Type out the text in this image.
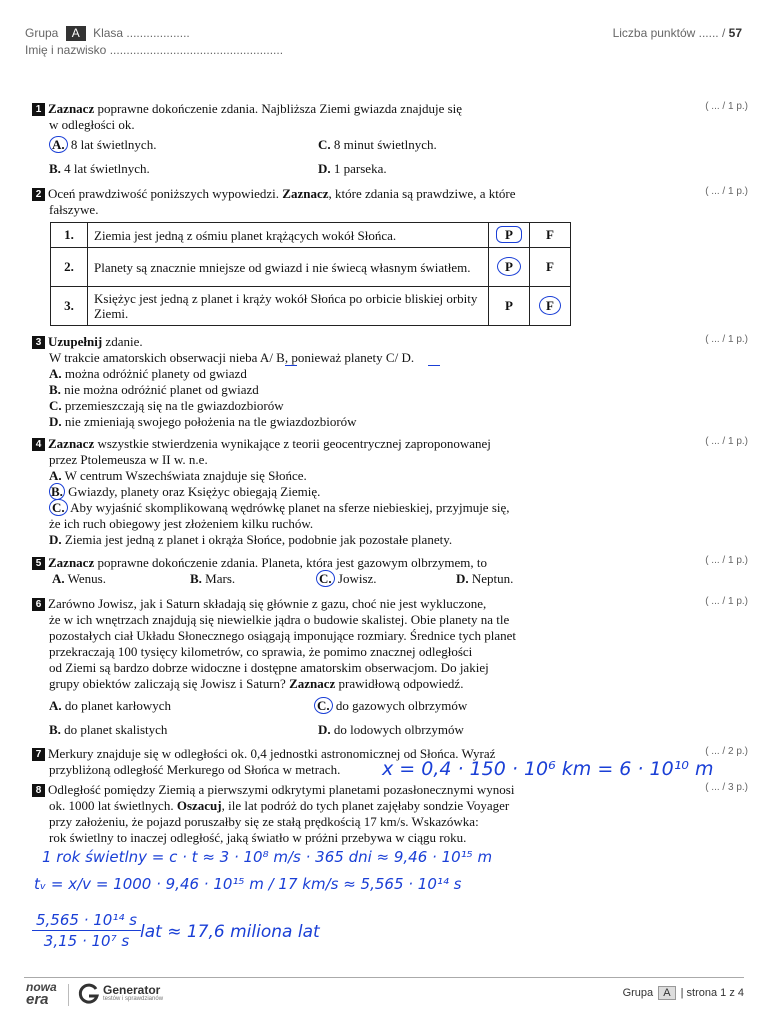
Grupa A Klasa ...................
Imię i nazwisko ....................................................
Liczba punktów ...... / 57
1 Zaznacz poprawne dokończenie zdania. Najbliższa Ziemi gwiazda znajduje się
w odległości ok.
( ... / 1 p.)
A. 8 lat świetlnych.	C. 8 minut świetlnych.
B. 4 lat świetlnych.	D. 1 parseka.
2 Oceń prawdziwość poniższych wypowiedzi. Zaznacz, które zdania są prawdziwe, a które
fałszywe.
( ... / 1 p.)
1.	Ziemia jest jedną z ośmiu planet krążących wokół Słońca.	P	F
2.	Planety są znacznie mniejsze od gwiazd i nie świecą własnym światłem.	P	F
3.	Księżyc jest jedną z planet i krąży wokół Słońca po orbicie bliskiej orbity Ziemi.	P	F
3 Uzupełnij zdanie.

W trakcie amatorskich obserwacji nieba A/ B, ponieważ planety C/ D.
A. można odróżnić planety od gwiazd
B. nie można odróżnić planet od gwiazd
C. przemieszczają się na tle gwiazdozbiorów
D. nie zmieniają swojego położenia na tle gwiazdozbiorów
( ... / 1 p.)
4 Zaznacz wszystkie stwierdzenia wynikające z teorii geocentrycznej zaproponowanej

przez Ptolemeusza w II w. n.e.
A. W centrum Wszechświata znajduje się Słońce.
B. Gwiazdy, planety oraz Księżyc obiegają Ziemię.
C. Aby wyjaśnić skomplikowaną wędrówkę planet na sferze niebieskiej, przyjmuje się,
że ich ruch obiegowy jest złożeniem kilku ruchów.
D. Ziemia jest jedną z planet i okrąża Słońce, podobnie jak pozostałe planety.
( ... / 1 p.)
5 Zaznacz poprawne dokończenie zdania. Planeta, która jest gazowym olbrzymem, to	( ... / 1 p.)
A. Wenus.	B. Mars.	C. Jowisz.	D. Neptun.
6 Zarówno Jowisz, jak i Saturn składają się głównie z gazu, choć nie jest wykluczone,

że w ich wnętrzach znajdują się niewielkie jądra o budowie skalistej. Obie planety na tle
pozostałych ciał Układu Słonecznego osiągają imponujące rozmiary. Średnice tych planet
przekraczają 100 tysięcy kilometrów, co sprawia, że pomimo znacznej odległości
od Ziemi są bardzo dobrze widoczne i dostępne amatorskim obserwacjom. Do jakiej
grupy obiektów zaliczają się Jowisz i Saturn? Zaznacz prawidłową odpowiedź.
( ... / 1 p.)
A. do planet karłowych	C. do gazowych olbrzymów
B. do planet skalistych	D. do lodowych olbrzymów
7 Merkury znajduje się w odległości ok. 0,4 jednostki astronomicznej od Słońca. Wyraź
przybliżoną odległość Merkurego od Słońca w metrach.
( ... / 2 p.)
x = 0,4 · 150 · 10⁶ km = 6 · 10¹⁰ m
8 Odległość pomiędzy Ziemią a pierwszymi odkrytymi planetami pozasłonecznymi wynosi

ok. 1000 lat świetlnych. Oszacuj, ile lat podróż do tych planet zajęłaby sondzie Voyager
przy założeniu, że pojazd poruszałby się ze stałą prędkością 17 km/s. Wskazówka:
rok świetlny to inaczej odległość, jaką światło w próżni przebywa w ciągu roku.
( ... / 3 p.)
1 rok świetlny = c · t ≈ 3 · 10⁸ m/s · 365 dni ≈ 9,46 · 10¹⁵ m
tᵥ = x/v = 1000 · 9,46 · 10¹⁵ m / 17 km/s ≈ 5,565 · 10¹⁴ s
5,565 · 10¹⁴ s
3,15 · 10⁷ s lat ≈ 17,6 miliona lat
nowa
era
Generator
testów i sprawdzianów	Grupa A | strona 1 z 4
